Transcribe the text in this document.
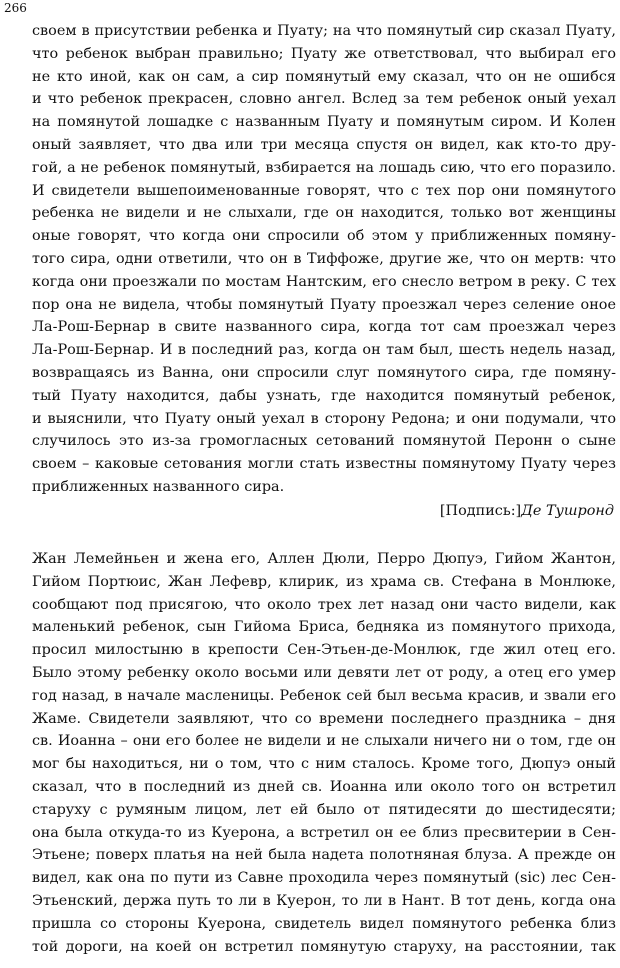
266
своем в присутствии ребенка и Пуату; на что помянутый сир сказал Пуату,
что ребенок выбран правильно; Пуату же ответствовал, что выбирал его
не кто иной, как он сам, а сир помянутый ему сказал, что он не ошибся
и что ребенок прекрасен, словно ангел. Вслед за тем ребенок оный уехал
на помянутой лошадке с названным Пуату и помянутым сиром. И Колен
оный заявляет, что два или три месяца спустя он видел, как кто-то дру-
гой, а не ребенок помянутый, взбирается на лошадь сию, что его поразило.
И свидетели вышепоименованные говорят, что с тех пор они помянутого
ребенка не видели и не слыхали, где он находится, только вот женщины
оные говорят, что когда они спросили об этом у приближенных помяну-
того сира, одни ответили, что он в Тиффоже, другие же, что он мертв: что
когда они проезжали по мостам Нантским, его снесло ветром в реку. С тех
пор она не видела, чтобы помянутый Пуату проезжал через селение оное
Ла-Рош-Бернар в свите названного сира, когда тот сам проезжал через
Ла-Рош-Бернар. И в последний раз, когда он там был, шесть недель назад,
возвращаясь из Ванна, они спросили слуг помянутого сира, где помяну-
тый Пуату находится, дабы узнать, где находится помянутый ребенок,
и выяснили, что Пуату оный уехал в сторону Редона; и они подумали, что
случилось это из-за громогласных сетований помянутой Перонн о сыне
своем – каковые сетования могли стать известны помянутому Пуату через
приближенных названного сира.
[Подпись:]Де Тушронд
Жан Лемейньен и жена его, Аллен Дюли, Перро Дюпуэ, Гийом Жантон,
Гийом Портюис, Жан Лефевр, клирик, из храма св. Стефана в Монлюке,
сообщают под присягою, что около трех лет назад они часто видели, как
маленький ребенок, сын Гийома Бриса, бедняка из помянутого прихода,
просил милостыню в крепости Сен-Этьен-де-Монлюк, где жил отец его.
Было этому ребенку около восьми или девяти лет от роду, а отец его умер
год назад, в начале масленицы. Ребенок сей был весьма красив, и звали его
Жаме. Свидетели заявляют, что со времени последнего праздника – дня
св. Иоанна – они его более не видели и не слыхали ничего ни о том, где он
мог бы находиться, ни о том, что с ним сталось. Кроме того, Дюпуэ оный
сказал, что в последний из дней св. Иоанна или около того он встретил
старуху с румяным лицом, лет ей было от пятидесяти до шестидесяти;
она была откуда-то из Куерона, а встретил он ее близ пресвитерии в Сен-
Этьене; поверх платья на ней была надета полотняная блуза. А прежде он
видел, как она по пути из Савне проходила через помянутый (sic) лес Сен-
Этьенский, держа путь то ли в Куерон, то ли в Нант. В тот день, когда она
пришла со стороны Куерона, свидетель видел помянутого ребенка близ
той дороги, на коей он встретил помянутую старуху, на расстоянии, так
